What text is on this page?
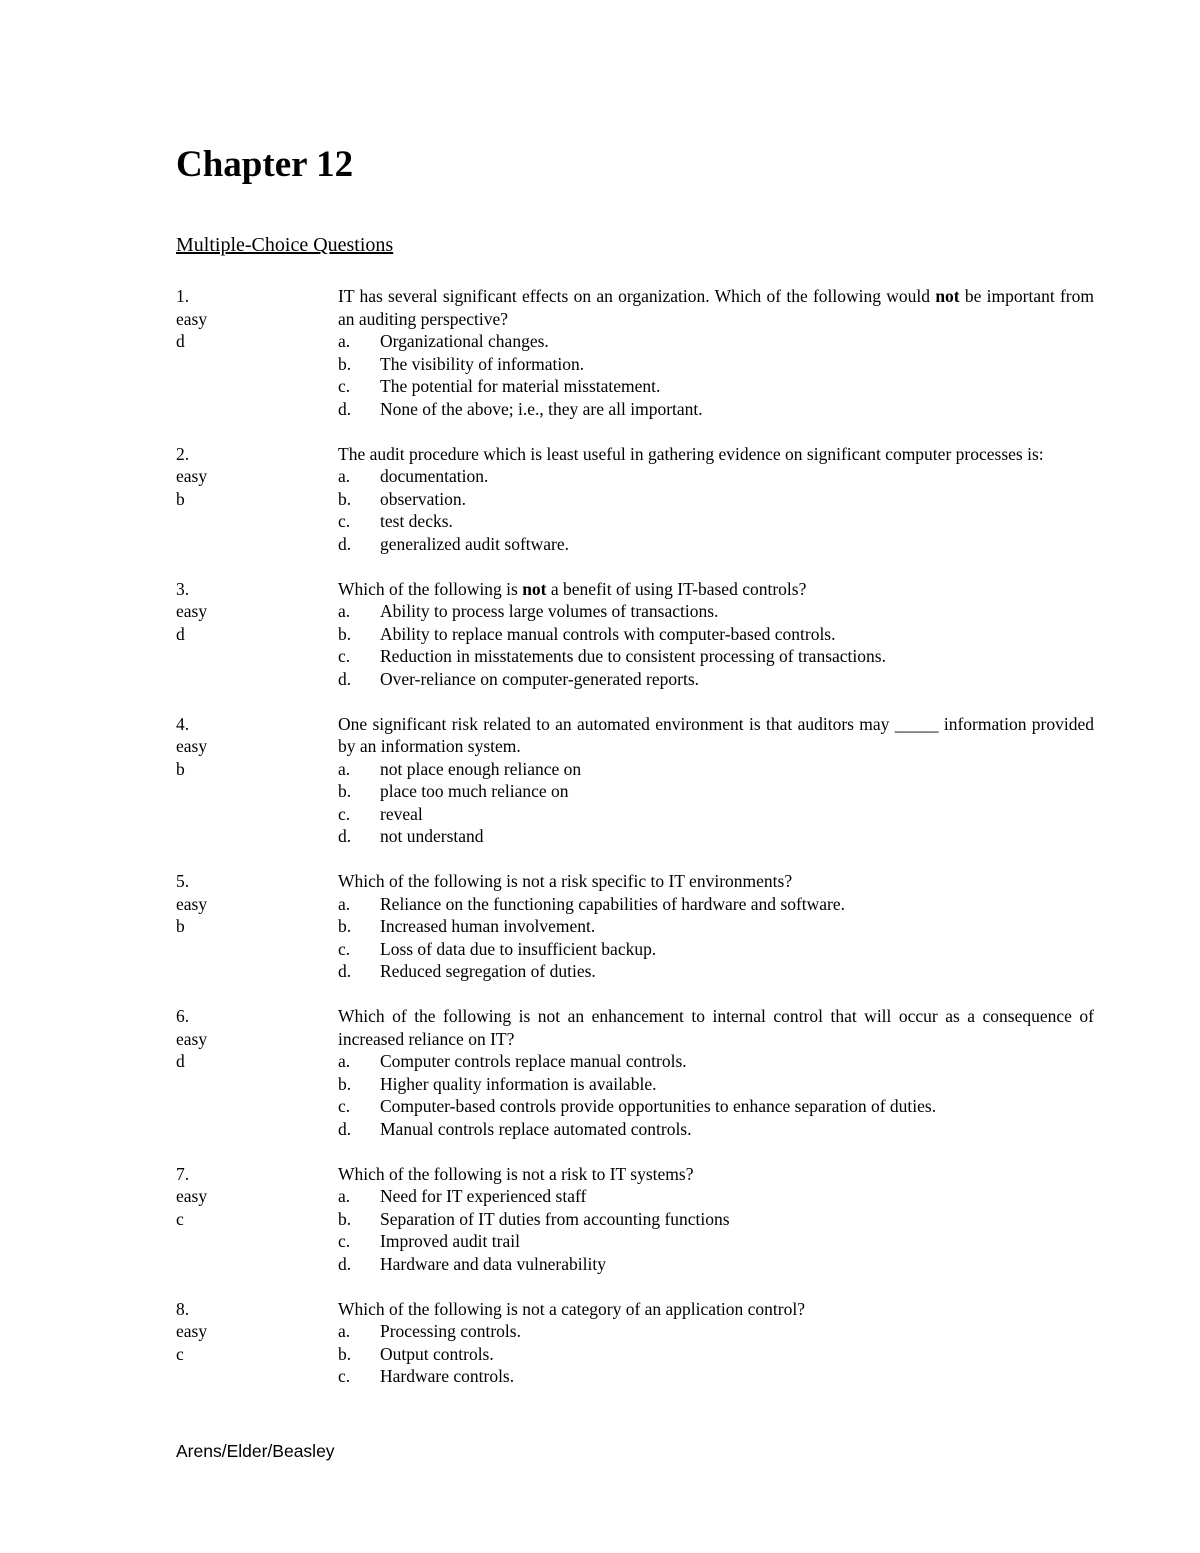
Chapter 12
Multiple-Choice Questions
1.
easy
d
IT has several significant effects on an organization. Which of the following would not be important from an auditing perspective?
a.	Organizational changes.
b.	The visibility of information.
c.	The potential for material misstatement.
d.	None of the above; i.e., they are all important.
2.
easy
b
The audit procedure which is least useful in gathering evidence on significant computer processes is:
a.	documentation.
b.	observation.
c.	test decks.
d.	generalized audit software.
3.
easy
d
Which of the following is not a benefit of using IT-based controls?
a.	Ability to process large volumes of transactions.
b.	Ability to replace manual controls with computer-based controls.
c.	Reduction in misstatements due to consistent processing of transactions.
d.	Over-reliance on computer-generated reports.
4.
easy
b
One significant risk related to an automated environment is that auditors may _____ information provided by an information system.
a.	not place enough reliance on
b.	place too much reliance on
c.	reveal
d.	not understand
5.
easy
b
Which of the following is not a risk specific to IT environments?
a.	Reliance on the functioning capabilities of hardware and software.
b.	Increased human involvement.
c.	Loss of data due to insufficient backup.
d.	Reduced segregation of duties.
6.
easy
d
Which of the following is not an enhancement to internal control that will occur as a consequence of increased reliance on IT?
a.	Computer controls replace manual controls.
b.	Higher quality information is available.
c.	Computer-based controls provide opportunities to enhance separation of duties.
d.	Manual controls replace automated controls.
7.
easy
c
Which of the following is not a risk to IT systems?
a.	Need for IT experienced staff
b.	Separation of IT duties from accounting functions
c.	Improved audit trail
d.	Hardware and data vulnerability
8.
easy
c
Which of the following is not a category of an application control?
a.	Processing controls.
b.	Output controls.
c.	Hardware controls.
Arens/Elder/Beasley
